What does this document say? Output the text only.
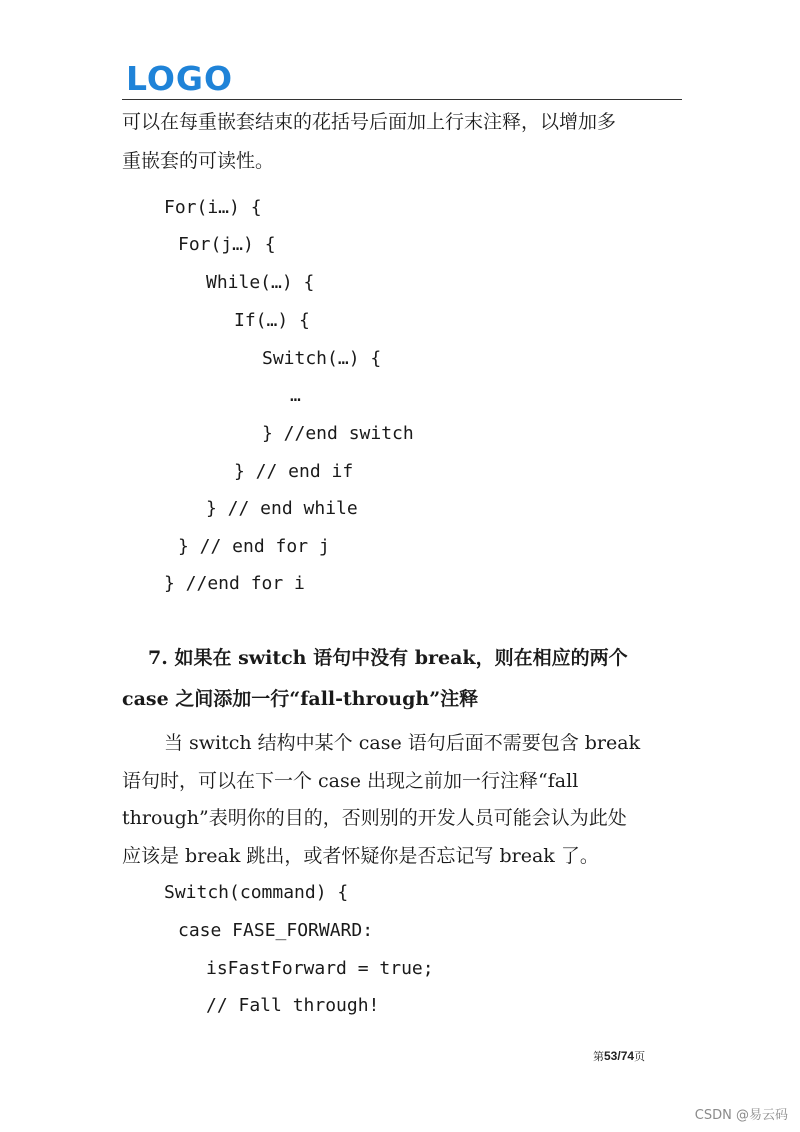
LOGO
可以在每重嵌套结束的花括号后面加上行末注释，以增加多
重嵌套的可读性。
For(i…) {
For(j…) {
While(…) {
If(…) {
Switch(…) {
…
} //end switch
} // end if
} // end while
} // end for j
} //end for i
7. 如果在 switch 语句中没有 break，则在相应的两个
case 之间添加一行“fall-through”注释
当 switch 结构中某个 case 语句后面不需要包含 break
语句时，可以在下一个 case 出现之前加一行注释“fall
through”表明你的目的，否则别的开发人员可能会认为此处
应该是 break 跳出，或者怀疑你是否忘记写 break 了。
Switch(command) {
case FASE_FORWARD:
isFastForward = true;
// Fall through!
第53/74页
CSDN @易云码
